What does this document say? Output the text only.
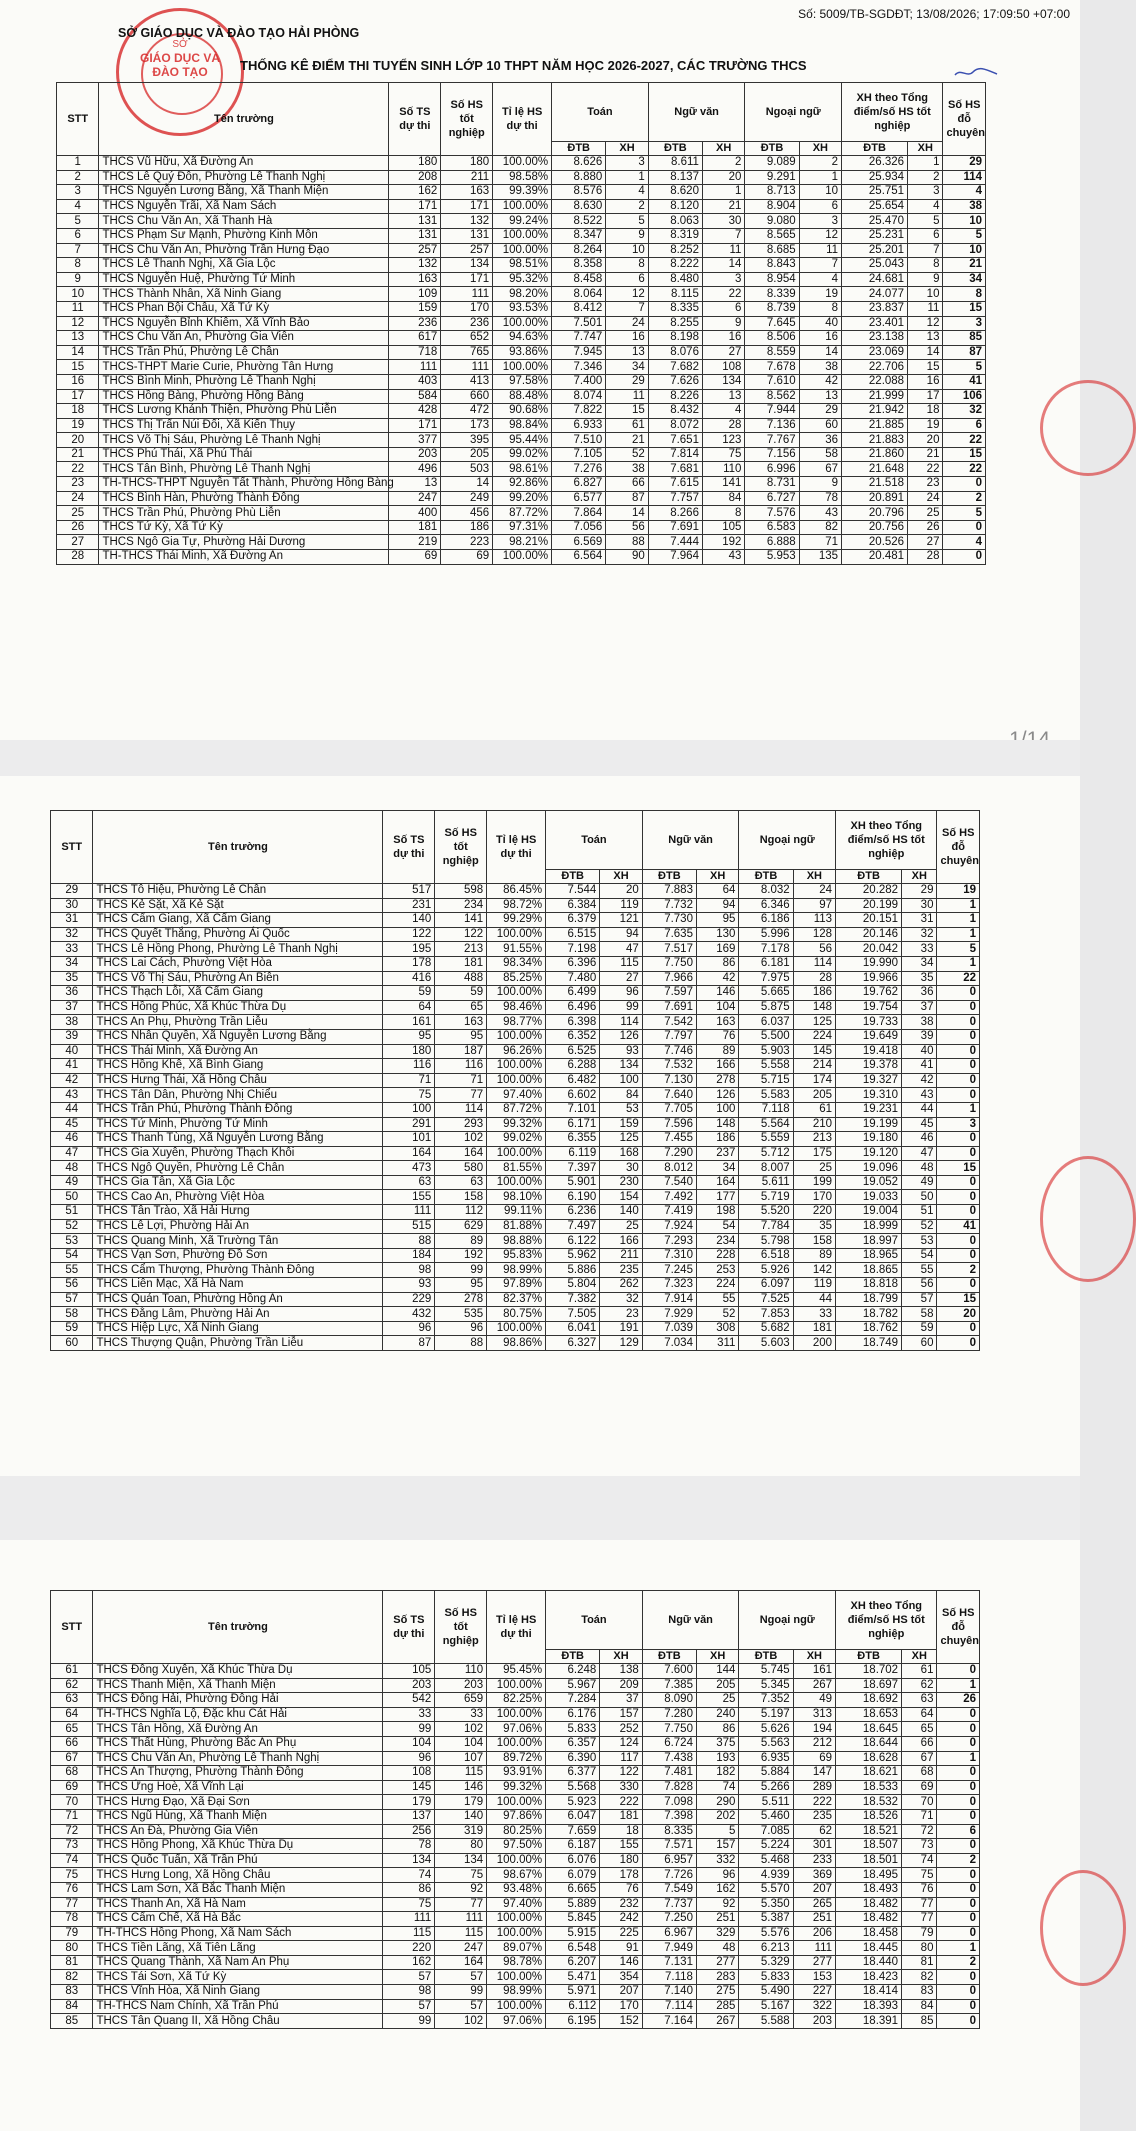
SỞ
GIÁO DỤC VÀ
ĐÀO TẠO
SỞ GIÁO DỤC VÀ ĐÀO TẠO HẢI PHÒNG
Số: 5009/TB-SGDĐT; 13/08/2026; 17:09:50 +07:00
THỐNG KÊ ĐIỂM THI TUYỂN SINH LỚP 10 THPT NĂM HỌC 2026-2027, CÁC TRƯỜNG THCS
STT	Tên trường	Số TS dự thi	Số HS tốt nghiệp	Tỉ lệ HS dự thi	Toán		Ngữ văn		Ngoại ngữ		XH theo Tổng điểm/số HS tốt nghiệp		Số HS đỗ chuyên
					ĐTB	XH	ĐTB	XH	ĐTB	XH	ĐTB	XH	
1	THCS Vũ Hữu, Xã Đường An	180	180	100.00%	8.626	3	8.611	2	9.089	2	26.326	1	29
2	THCS Lê Quý Đôn, Phường Lê Thanh Nghị	208	211	98.58%	8.880	1	8.137	20	9.291	1	25.934	2	114
3	THCS Nguyễn Lương Bằng, Xã Thanh Miện	162	163	99.39%	8.576	4	8.620	1	8.713	10	25.751	3	4
4	THCS Nguyễn Trãi, Xã Nam Sách	171	171	100.00%	8.630	2	8.120	21	8.904	6	25.654	4	38
5	THCS Chu Văn An, Xã Thanh Hà	131	132	99.24%	8.522	5	8.063	30	9.080	3	25.470	5	10
6	THCS Phạm Sư Mạnh, Phường Kinh Môn	131	131	100.00%	8.347	9	8.319	7	8.565	12	25.231	6	5
7	THCS Chu Văn An, Phường Trần Hưng Đạo	257	257	100.00%	8.264	10	8.252	11	8.685	11	25.201	7	10
8	THCS Lê Thanh Nghị, Xã Gia Lộc	132	134	98.51%	8.358	8	8.222	14	8.843	7	25.043	8	21
9	THCS Nguyễn Huệ, Phường Tứ Minh	163	171	95.32%	8.458	6	8.480	3	8.954	4	24.681	9	34
10	THCS Thành Nhân, Xã Ninh Giang	109	111	98.20%	8.064	12	8.115	22	8.339	19	24.077	10	8
11	THCS Phan Bội Châu, Xã Tứ Kỳ	159	170	93.53%	8.412	7	8.335	6	8.739	8	23.837	11	15
12	THCS Nguyễn Bỉnh Khiêm, Xã Vĩnh Bảo	236	236	100.00%	7.501	24	8.255	9	7.645	40	23.401	12	3
13	THCS Chu Văn An, Phường Gia Viên	617	652	94.63%	7.747	16	8.198	16	8.506	16	23.138	13	85
14	THCS Trần Phú, Phường Lê Chân	718	765	93.86%	7.945	13	8.076	27	8.559	14	23.069	14	87
15	THCS-THPT Marie Curie, Phường Tân Hưng	111	111	100.00%	7.346	34	7.682	108	7.678	38	22.706	15	5
16	THCS Bình Minh, Phường Lê Thanh Nghị	403	413	97.58%	7.400	29	7.626	134	7.610	42	22.088	16	41
17	THCS Hồng Bàng, Phường Hồng Bàng	584	660	88.48%	8.074	11	8.226	13	8.562	13	21.999	17	106
18	THCS Lương Khánh Thiện, Phường Phù Liễn	428	472	90.68%	7.822	15	8.432	4	7.944	29	21.942	18	32
19	THCS Thị Trấn Núi Đối, Xã Kiến Thụy	171	173	98.84%	6.933	61	8.072	28	7.136	60	21.885	19	6
20	THCS Võ Thị Sáu, Phường Lê Thanh Nghị	377	395	95.44%	7.510	21	7.651	123	7.767	36	21.883	20	22
21	THCS Phú Thái, Xã Phú Thái	203	205	99.02%	7.105	52	7.814	75	7.156	58	21.860	21	15
22	THCS Tân Bình, Phường Lê Thanh Nghị	496	503	98.61%	7.276	38	7.681	110	6.996	67	21.648	22	22
23	TH-THCS-THPT Nguyễn Tất Thành, Phường Hồng Bàng	13	14	92.86%	6.827	66	7.615	141	8.731	9	21.518	23	0
24	THCS Bình Hàn, Phường Thành Đông	247	249	99.20%	6.577	87	7.757	84	6.727	78	20.891	24	2
25	THCS Trần Phú, Phường Phù Liễn	400	456	87.72%	7.864	14	8.266	8	7.576	43	20.796	25	5
26	THCS Tứ Kỳ, Xã Tứ Kỳ	181	186	97.31%	7.056	56	7.691	105	6.583	82	20.756	26	0
27	THCS Ngô Gia Tự, Phường Hải Dương	219	223	98.21%	6.569	88	7.444	192	6.888	71	20.526	27	4
28	TH-THCS Thái Minh, Xã Đường An	69	69	100.00%	6.564	90	7.964	43	5.953	135	20.481	28	0
STT	Tên trường	Số TS dự thi	Số HS tốt nghiệp	Tỉ lệ HS dự thi	Toán		Ngữ văn		Ngoại ngữ		XH theo Tổng điểm/số HS tốt nghiệp		Số HS đỗ chuyên
					ĐTB	XH	ĐTB	XH	ĐTB	XH	ĐTB	XH	
29	THCS Tô Hiệu, Phường Lê Chân	517	598	86.45%	7.544	20	7.883	64	8.032	24	20.282	29	19
30	THCS Kẻ Sặt, Xã Kẻ Sặt	231	234	98.72%	6.384	119	7.732	94	6.346	97	20.199	30	1
31	THCS Cẩm Giang, Xã Cẩm Giang	140	141	99.29%	6.379	121	7.730	95	6.186	113	20.151	31	1
32	THCS Quyết Thắng, Phường Ái Quốc	122	122	100.00%	6.515	94	7.635	130	5.996	128	20.146	32	1
33	THCS Lê Hồng Phong, Phường Lê Thanh Nghị	195	213	91.55%	7.198	47	7.517	169	7.178	56	20.042	33	5
34	THCS Lai Cách, Phường Việt Hòa	178	181	98.34%	6.396	115	7.750	86	6.181	114	19.990	34	1
35	THCS Võ Thị Sáu, Phường An Biên	416	488	85.25%	7.480	27	7.966	42	7.975	28	19.966	35	22
36	THCS Thạch Lỗi, Xã Cẩm Giang	59	59	100.00%	6.499	96	7.597	146	5.665	186	19.762	36	0
37	THCS Hồng Phúc, Xã Khúc Thừa Dụ	64	65	98.46%	6.496	99	7.691	104	5.875	148	19.754	37	0
38	THCS An Phụ, Phường Trần Liễu	161	163	98.77%	6.398	114	7.542	163	6.037	125	19.733	38	0
39	THCS Nhân Quyền, Xã Nguyễn Lương Bằng	95	95	100.00%	6.352	126	7.797	76	5.500	224	19.649	39	0
40	THCS Thái Minh, Xã Đường An	180	187	96.26%	6.525	93	7.746	89	5.903	145	19.418	40	0
41	THCS Hồng Khê, Xã Bình Giang	116	116	100.00%	6.288	134	7.532	166	5.558	214	19.378	41	0
42	THCS Hưng Thái, Xã Hồng Châu	71	71	100.00%	6.482	100	7.130	278	5.715	174	19.327	42	0
43	THCS Tân Dân, Phường Nhị Chiểu	75	77	97.40%	6.602	84	7.640	126	5.583	205	19.310	43	0
44	THCS Trần Phú, Phường Thành Đông	100	114	87.72%	7.101	53	7.705	100	7.118	61	19.231	44	1
45	THCS Tứ Minh, Phường Tứ Minh	291	293	99.32%	6.171	159	7.596	148	5.564	210	19.199	45	3
46	THCS Thanh Tùng, Xã Nguyễn Lương Bằng	101	102	99.02%	6.355	125	7.455	186	5.559	213	19.180	46	0
47	THCS Gia Xuyên, Phường Thạch Khôi	164	164	100.00%	6.119	168	7.290	237	5.712	175	19.120	47	0
48	THCS Ngô Quyền, Phường Lê Chân	473	580	81.55%	7.397	30	8.012	34	8.007	25	19.096	48	15
49	THCS Gia Tân, Xã Gia Lộc	63	63	100.00%	5.901	230	7.540	164	5.611	199	19.052	49	0
50	THCS Cao An, Phường Việt Hòa	155	158	98.10%	6.190	154	7.492	177	5.719	170	19.033	50	0
51	THCS Tân Trào, Xã Hải Hưng	111	112	99.11%	6.236	140	7.419	198	5.520	220	19.004	51	0
52	THCS Lê Lợi, Phường Hải An	515	629	81.88%	7.497	25	7.924	54	7.784	35	18.999	52	41
53	THCS Quang Minh, Xã Trường Tân	88	89	98.88%	6.122	166	7.293	234	5.798	158	18.997	53	0
54	THCS Vạn Sơn, Phường Đồ Sơn	184	192	95.83%	5.962	211	7.310	228	6.518	89	18.965	54	0
55	THCS Cẩm Thượng, Phường Thành Đông	98	99	98.99%	5.886	235	7.245	253	5.926	142	18.865	55	2
56	THCS Liên Mạc, Xã Hà Nam	93	95	97.89%	5.804	262	7.323	224	6.097	119	18.818	56	0
57	THCS Quán Toan, Phường Hồng An	229	278	82.37%	7.382	32	7.914	55	7.525	44	18.799	57	15
58	THCS Đằng Lâm, Phường Hải An	432	535	80.75%	7.505	23	7.929	52	7.853	33	18.782	58	20
59	THCS Hiệp Lực, Xã Ninh Giang	96	96	100.00%	6.041	191	7.039	308	5.682	181	18.762	59	0
60	THCS Thượng Quận, Phường Trần Liễu	87	88	98.86%	6.327	129	7.034	311	5.603	200	18.749	60	0
STT	Tên trường	Số TS dự thi	Số HS tốt nghiệp	Tỉ lệ HS dự thi	Toán		Ngữ văn		Ngoại ngữ		XH theo Tổng điểm/số HS tốt nghiệp		Số HS đỗ chuyên
					ĐTB	XH	ĐTB	XH	ĐTB	XH	ĐTB	XH	
61	THCS Đông Xuyên, Xã Khúc Thừa Dụ	105	110	95.45%	6.248	138	7.600	144	5.745	161	18.702	61	0
62	THCS Thanh Miện, Xã Thanh Miện	203	203	100.00%	5.967	209	7.385	205	5.345	267	18.697	62	1
63	THCS Đông Hải, Phường Đông Hải	542	659	82.25%	7.284	37	8.090	25	7.352	49	18.692	63	26
64	TH-THCS Nghĩa Lộ, Đặc khu Cát Hải	33	33	100.00%	6.176	157	7.280	240	5.197	313	18.653	64	0
65	THCS Tân Hồng, Xã Đường An	99	102	97.06%	5.833	252	7.750	86	5.626	194	18.645	65	0
66	THCS Thất Hùng, Phường Bắc An Phụ	104	104	100.00%	6.357	124	6.724	375	5.563	212	18.644	66	0
67	THCS Chu Văn An, Phường Lê Thanh Nghị	96	107	89.72%	6.390	117	7.438	193	6.935	69	18.628	67	1
68	THCS An Thượng, Phường Thành Đông	108	115	93.91%	6.377	122	7.481	182	5.884	147	18.621	68	0
69	THCS Ứng Hoè, Xã Vĩnh Lại	145	146	99.32%	5.568	330	7.828	74	5.266	289	18.533	69	0
70	THCS Hưng Đạo, Xã Đại Sơn	179	179	100.00%	5.923	222	7.098	290	5.511	222	18.532	70	0
71	THCS Ngũ Hùng, Xã Thanh Miện	137	140	97.86%	6.047	181	7.398	202	5.460	235	18.526	71	0
72	THCS An Đà, Phường Gia Viên	256	319	80.25%	7.659	18	8.335	5	7.085	62	18.521	72	6
73	THCS Hồng Phong, Xã Khúc Thừa Dụ	78	80	97.50%	6.187	155	7.571	157	5.224	301	18.507	73	0
74	THCS Quốc Tuấn, Xã Trần Phú	134	134	100.00%	6.076	180	6.957	332	5.468	233	18.501	74	2
75	THCS Hưng Long, Xã Hồng Châu	74	75	98.67%	6.079	178	7.726	96	4.939	369	18.495	75	0
76	THCS Lam Sơn, Xã Bắc Thanh Miện	86	92	93.48%	6.665	76	7.549	162	5.570	207	18.493	76	0
77	THCS Thanh An, Xã Hà Nam	75	77	97.40%	5.889	232	7.737	92	5.350	265	18.482	77	0
78	THCS Cẩm Chế, Xã Hà Bắc	111	111	100.00%	5.845	242	7.250	251	5.387	251	18.482	77	0
79	TH-THCS Hồng Phong, Xã Nam Sách	115	115	100.00%	5.915	225	6.967	329	5.576	206	18.458	79	0
80	THCS Tiền Lãng, Xã Tiên Lãng	220	247	89.07%	6.548	91	7.949	48	6.213	111	18.445	80	1
81	THCS Quang Thành, Xã Nam An Phụ	162	164	98.78%	6.207	146	7.131	277	5.329	277	18.440	81	2
82	THCS Tái Sơn, Xã Tứ Kỳ	57	57	100.00%	5.471	354	7.118	283	5.833	153	18.423	82	0
83	THCS Vĩnh Hòa, Xã Ninh Giang	98	99	98.99%	5.971	207	7.140	275	5.490	227	18.414	83	0
84	TH-THCS Nam Chính, Xã Trần Phú	57	57	100.00%	6.112	170	7.114	285	5.167	322	18.393	84	0
85	THCS Tân Quang II, Xã Hồng Châu	99	102	97.06%	6.195	152	7.164	267	5.588	203	18.391	85	0
